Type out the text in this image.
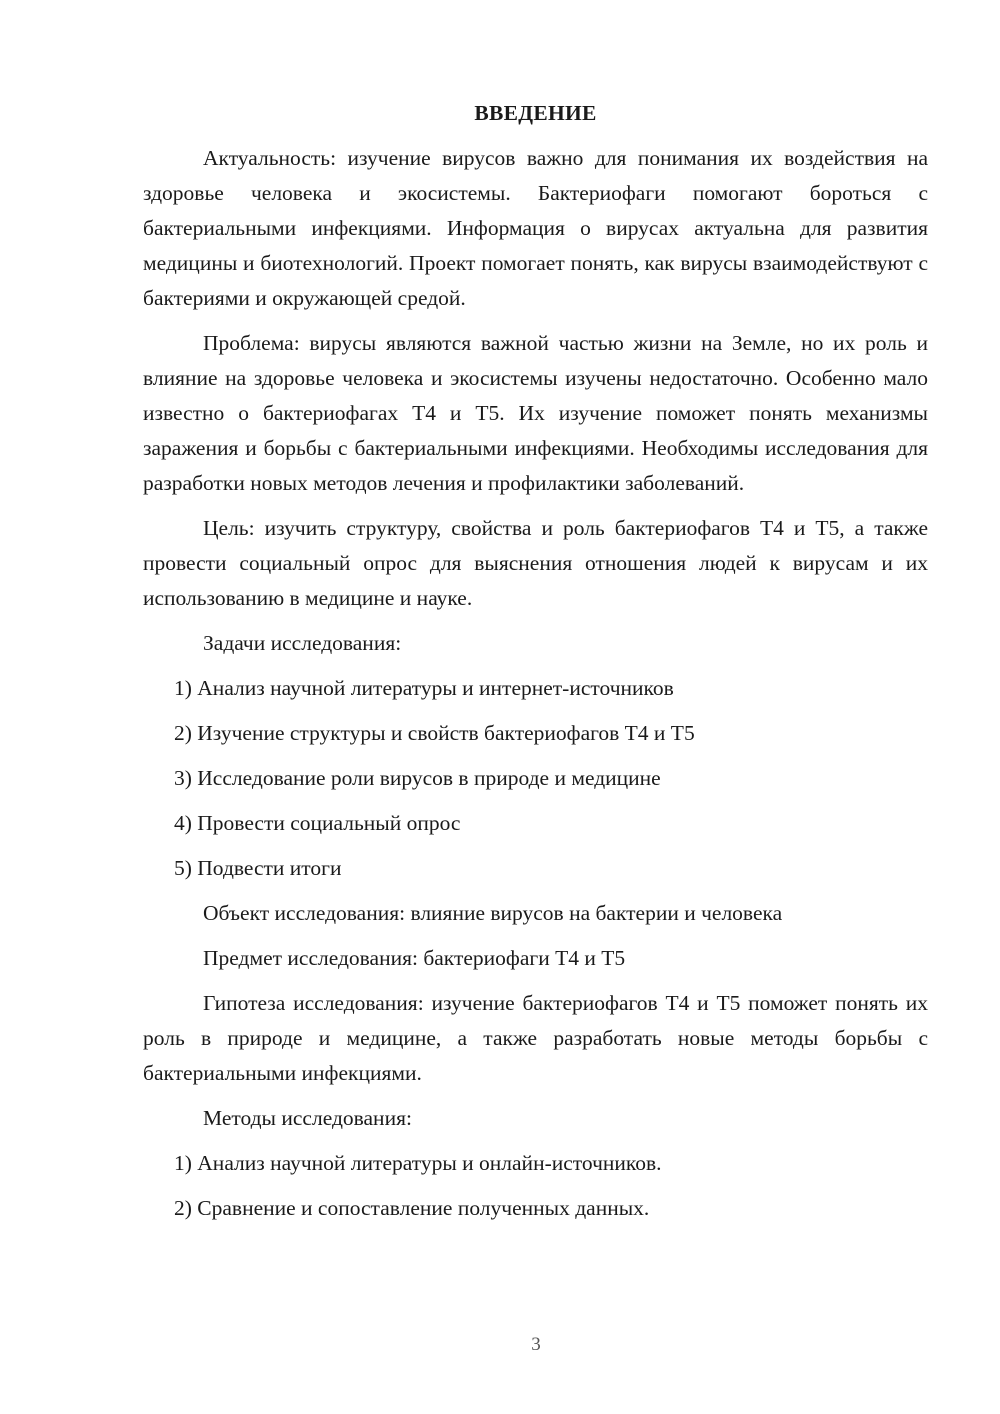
ВВЕДЕНИЕ

Актуальность: изучение вирусов важно для понимания их воздействия на здоровье человека и экосистемы. Бактериофаги помогают бороться с бактериальными инфекциями. Информация о вирусах актуальна для развития медицины и биотехнологий. Проект помогает понять, как вирусы взаимодействуют с бактериями и окружающей средой.

Проблема: вирусы являются важной частью жизни на Земле, но их роль и влияние на здоровье человека и экосистемы изучены недостаточно. Особенно мало известно о бактериофагах Т4 и Т5. Их изучение поможет понять механизмы заражения и борьбы с бактериальными инфекциями. Необходимы исследования для разработки новых методов лечения и профилактики заболеваний.

Цель: изучить структуру, свойства и роль бактериофагов Т4 и Т5, а также провести социальный опрос для выяснения отношения людей к вирусам и их использованию в медицине и науке.

Задачи исследования:
1) Анализ научной литературы и интернет-источников
2) Изучение структуры и свойств бактериофагов Т4 и Т5
3) Исследование роли вирусов в природе и медицине
4) Провести социальный опрос
5) Подвести итоги
Объект исследования: влияние вирусов на бактерии и человека
Предмет исследования: бактериофаги Т4 и Т5

Гипотеза исследования: изучение бактериофагов Т4 и Т5 поможет понять их роль в природе и медицине, а также разработать новые методы борьбы с бактериальными инфекциями.

Методы исследования:
1) Анализ научной литературы и онлайн-источников.
2) Сравнение и сопоставление полученных данных.
3
